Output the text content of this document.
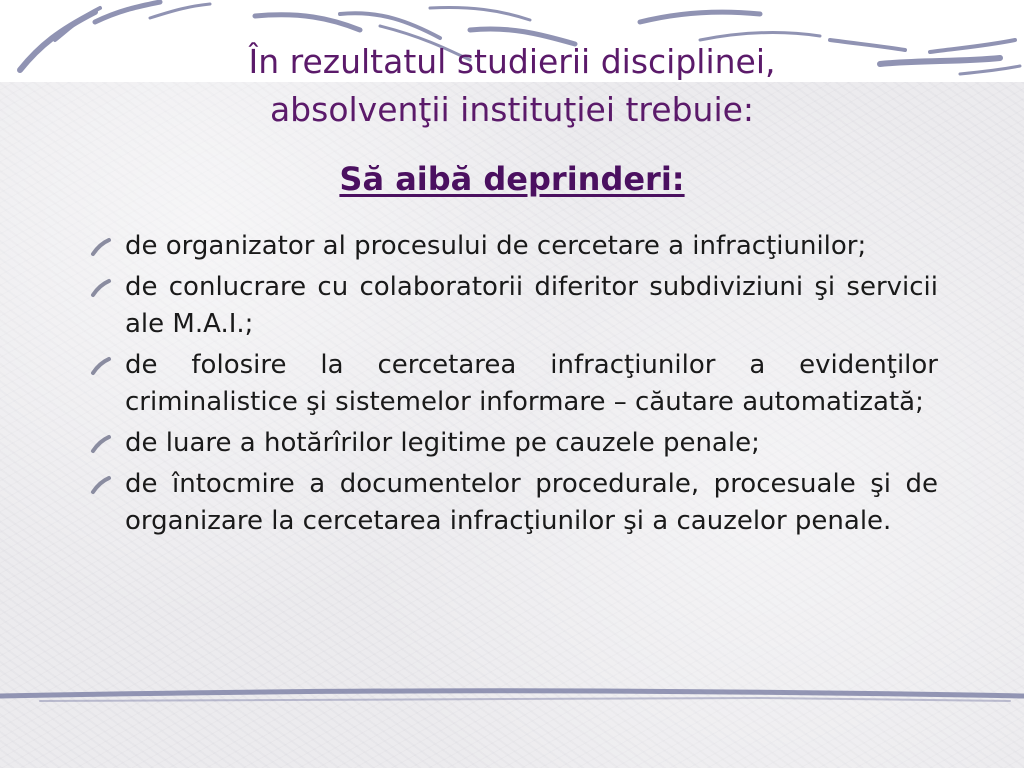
În rezultatul studierii disciplinei,
absolvenţii instituţiei trebuie:
Să aibă deprinderi:
de organizator al procesului de cercetare a infracţiunilor;
de conlucrare cu colaboratorii diferitor subdiviziuni şi servicii ale M.A.I.;
de folosire la cercetarea infracţiunilor a evidenţilor criminalistice şi sistemelor informare – căutare automatizată;
de luare a hotărîrilor legitime pe cauzele penale;
de întocmire a documentelor procedurale, procesuale şi de organizare la cercetarea infracţiunilor şi a cauzelor penale.
